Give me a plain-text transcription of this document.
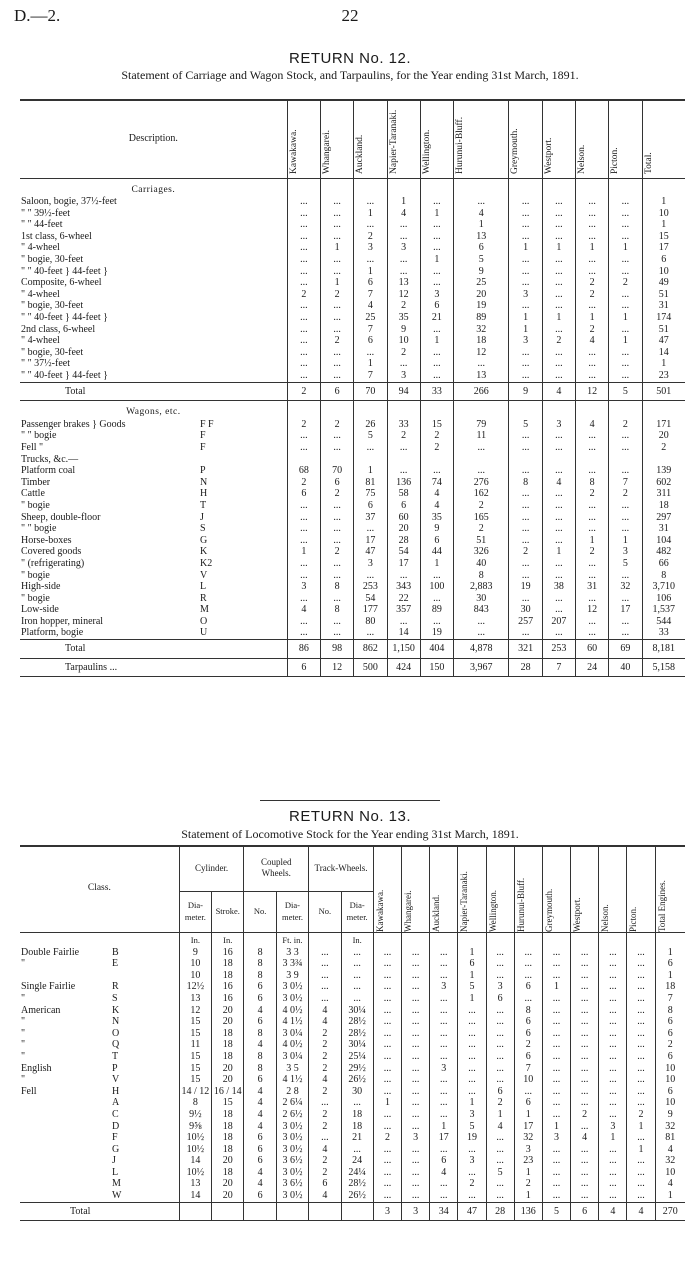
D.—2.	22
RETURN No. 12.
Statement of Carriage and Wagon Stock, and Tarpaulins, for the Year ending 31st March, 1891.
Description.	Kawakawa.	Whangarei.	Auckland.	Napier-Taranaki.	Wellington.	Hurunui-Bluff.	Greymouth.	Westport.	Nelson.	Picton.	Total.

Carriages.											
Saloon, bogie, 37½-feet	...	...	...	1	...	...	...	...	...	...	1
" " 39½-feet	...	...	1	4	1	4	...	...	...	...	10
" " 44-feet	...	...	...	...	...	1	...	...	...	...	1
1st class, 6-wheel	...	...	2	...	...	13	...	...	...	...	15
" 4-wheel	...	1	3	3	...	6	1	1	1	1	17
" bogie, 30-feet	...	...	...	...	1	5	...	...	...	...	6
" " 40-feet } 44-feet }	...	...	1	...	...	9	...	...	...	...	10
Composite, 6-wheel	...	1	6	13	...	25	...	...	2	2	49
" 4-wheel	2	2	7	12	3	20	3	...	2	...	51
" bogie, 30-feet	...	...	4	2	6	19	...	...	...	...	31
" " 40-feet } 44-feet }	...	...	25	35	21	89	1	1	1	1	174
2nd class, 6-wheel	...	...	7	9	...	32	1	...	2	...	51
" 4-wheel	...	2	6	10	1	18	3	2	4	1	47
" bogie, 30-feet	...	...	...	2	...	12	...	...	...	...	14
" " 37½-feet	...	...	1	...	...	...	...	...	...	...	1
" " 40-feet } 44-feet }	...	...	7	3	...	13	...	...	...	...	23
Total	2	6	70	94	33	266	9	4	12	5	501
Wagons, etc.											
Passenger brakes } Goods F F	2	2	26	33	15	79	5	3	4	2	171
" " bogie F	...	...	5	2	2	11	...	...	...	...	20
Fell " F	...	...	...	...	2	...	...	...	...	...	2
Trucks, &c.—

Platform coal P	68	70	1	...	...	...	...	...	...	...	139
Timber N	2	6	81	136	74	276	8	4	8	7	602
Cattle H	6	2	75	58	4	162	...	...	2	2	311
" bogie T	...	...	6	6	4	2	...	...	...	...	18
Sheep, double-floor J	...	...	37	60	35	165	...	...	...	...	297
" " bogie S	...	...	...	20	9	2	...	...	...	...	31
Horse-boxes G	...	...	17	28	6	51	...	...	1	1	104
Covered goods K	1	2	47	54	44	326	2	1	2	3	482
" (refrigerating) K2	...	...	3	17	1	40	...	...	...	5	66
" bogie V	...	...	...	...	...	8	...	...	...	...	8
High-side L	3	8	253	343	100	2,883	19	38	31	32	3,710
" bogie R	...	...	54	22	...	30	...	...	...	...	106
Low-side M	4	8	177	357	89	843	30	...	12	17	1,537
Iron hopper, mineral O	...	...	80	...	...	...	257	207	...	...	544
Platform, bogie U	...	...	...	14	19	...	...	...	...	...	33
Total	86	98	862	1,150	404	4,878	321	253	60	69	8,181
Tarpaulins ...	6	12	500	424	150	3,967	28	7	24	40	5,158
RETURN No. 13.
Statement of Locomotive Stock for the Year ending 31st March, 1891.
Class.	Cylinder.		Coupled Wheels.		Track-Wheels.		Kawakawa.	Whangarei.	Auckland.	Napier-Taranaki.	Wellington.	Hurunui-Bluff.	Greymouth.	Westport.	Nelson.	Picton.	Total Engines.

	Dia-meter.	Stroke.	No.	Dia-meter.	No.	Dia-meter.											
	In.	In.		Ft. in.		In.											
Double Fairlie B	9	16	8	3 3	...	...	...	...	...	1	...	...	...	...	...	...	1
" E	10	18	8	3 3¾	...	...	...	...	...	6	...	...	...	...	...	...	6

	10	18	8	3 9	...	...	...	...	...	1	...	...	...	...	...	...	1
Single Fairlie R	12½	16	6	3 0½	...	...	...	...	3	5	3	6	1	...	...	...	18
" S	13	16	6	3 0½	...	...	...	...	...	1	6	...	...	...	...	...	7
American K	12	20	4	4 0½	4	30¼	...	...	...	...	...	8	...	...	...	...	8
" N	15	20	6	4 1½	4	28½	...	...	...	...	...	6	...	...	...	...	6
" O	15	18	8	3 0¼	2	28½	...	...	...	...	...	6	...	...	...	...	6
" Q	11	18	4	4 0½	2	30¼	...	...	...	...	...	2	...	...	...	...	2
" T	15	18	8	3 0¼	2	25¼	...	...	...	...	...	6	...	...	...	...	6
English P	15	20	8	3 5	2	29½	...	...	3	...	...	7	...	...	...	...	10
" V	15	20	6	4 1½	4	26½	...	...	...	...	...	10	...	...	...	...	10
Fell H	14 / 12	16 / 14	4	2 8	2	30	...	...	...	...	6	...	...	...	...	...	6

A	8	15	4	2 6¼	...	...	1	...	...	1	2	6	...	...	...	...	10

C	9½	18	4	2 6½	2	18	...	...	...	3	1	1	...	2	...	2	9

D	9⅝	18	4	3 0½	2	18	...	...	1	5	4	17	1	...	3	1	32

F	10½	18	6	3 0½	...	21	2	3	17	19	...	32	3	4	1	...	81

G	10½	18	6	3 0½	4	...	...	...	...	...	...	3	...	...	...	1	4

J	14	20	6	3 6½	2	24	...	...	6	3	...	23	...	...	...	...	32

L	10½	18	4	3 0½	2	24¼	...	...	4	...	5	1	...	...	...	...	10

M	13	20	4	3 6½	6	28½	...	...	...	2	...	2	...	...	...	...	4

W	14	20	6	3 0½	4	26½	...	...	...	...	...	1	...	...	...	...	1
Total							3	3	34	47	28	136	5	6	4	4	270
